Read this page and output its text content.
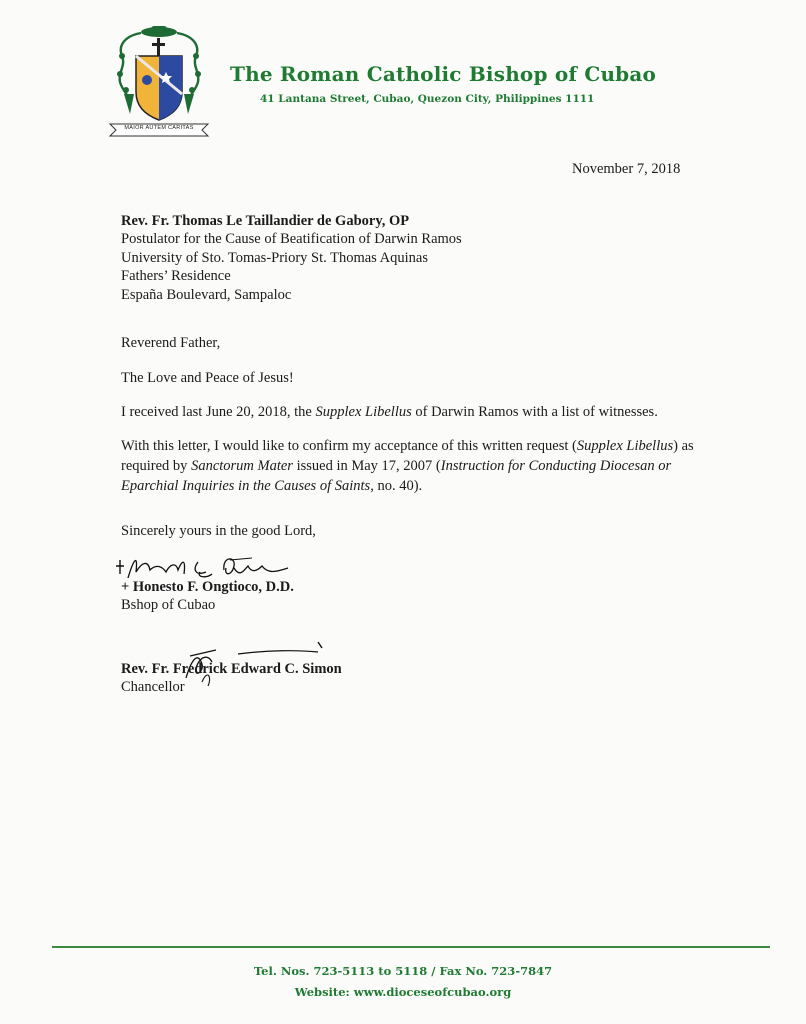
MAIOR AUTEM CARITAS
The Roman Catholic Bishop of Cubao
41 Lantana Street, Cubao, Quezon City, Philippines 1111
November 7, 2018
Rev. Fr. Thomas Le Taillandier de Gabory, OP
Postulator for the Cause of Beatification of Darwin Ramos
University of Sto. Tomas-Priory St. Thomas Aquinas
Fathers’ Residence
España Boulevard, Sampaloc
Reverend Father,
The Love and Peace of Jesus!
I received last June 20, 2018, the Supplex Libellus of Darwin Ramos with a list of witnesses.
With this letter, I would like to confirm my acceptance of this written request (Supplex Libellus) as required by Sanctorum Mater issued in May 17, 2007 (Instruction for Conducting Diocesan or Eparchial Inquiries in the Causes of Saints, no. 40).
Sincerely yours in the good Lord,
+ Honesto F. Ongtioco, D.D.
Bshop of Cubao
Rev. Fr. Fredrick Edward C. Simon
Chancellor
Tel. Nos. 723-5113 to 5118 / Fax No. 723-7847
Website: www.dioceseofcubao.org
